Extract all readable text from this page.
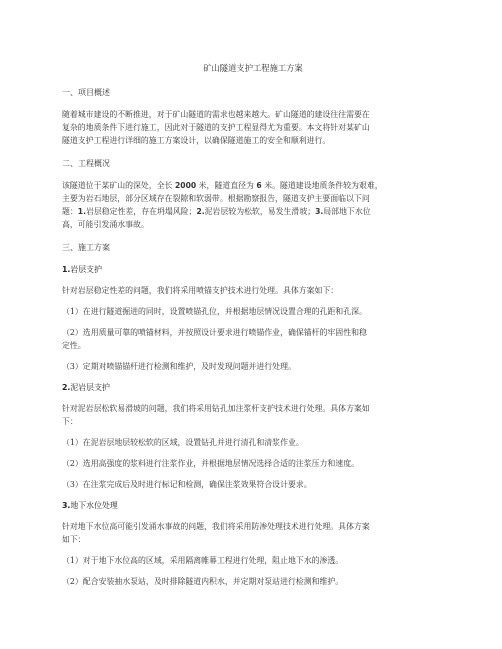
矿山隧道支护工程施工方案
一、项目概述
随着城市建设的不断推进，对于矿山隧道的需求也越来越大。矿山隧道的建设往往需要在
复杂的地质条件下进行施工，因此对于隧道的支护工程显得尤为重要。本文将针对某矿山
隧道支护工程进行详细的施工方案设计，以确保隧道施工的安全和顺利进行。
二、工程概况
该隧道位于某矿山的深处，全长 2000 米，隧道直径为 6 米。隧道建设地质条件较为艰难，
主要为岩石地层，部分区域存在裂隙和软弱带。根据勘察报告，隧道支护主要面临以下问
题：1.岩层稳定性差，存在坍塌风险；2.泥岩层较为松软，易发生滑坡；3.局部地下水位
高，可能引发涌水事故。
三、施工方案
1.岩层支护
针对岩层稳定性差的问题，我们将采用喷锚支护技术进行处理。具体方案如下：
（1）在进行隧道掘进的同时，设置喷锚孔位，并根据地层情况设置合理的孔距和孔深。
（2）选用质量可靠的喷锚材料，并按照设计要求进行喷锚作业，确保锚杆的牢固性和稳
定性。
（3）定期对喷锚锚杆进行检测和维护，及时发现问题并进行处理。
2.泥岩层支护
针对泥岩层松软易滑坡的问题，我们将采用钻孔加注浆杆支护技术进行处理。具体方案如
下：
（1）在泥岩层地层较松软的区域，设置钻孔并进行清孔和清浆作业。
（2）选用高强度的浆料进行注浆作业，并根据地层情况选择合适的注浆压力和速度。
（3）在注浆完成后及时进行标记和检测，确保注浆效果符合设计要求。
3.地下水位处理
针对地下水位高可能引发涌水事故的问题，我们将采用防渗处理技术进行处理。具体方案
如下：
（1）对于地下水位高的区域，采用隔离帷幕工程进行处理，阻止地下水的渗透。
（2）配合安装抽水泵站，及时排除隧道内积水，并定期对泵站进行检测和维护。
